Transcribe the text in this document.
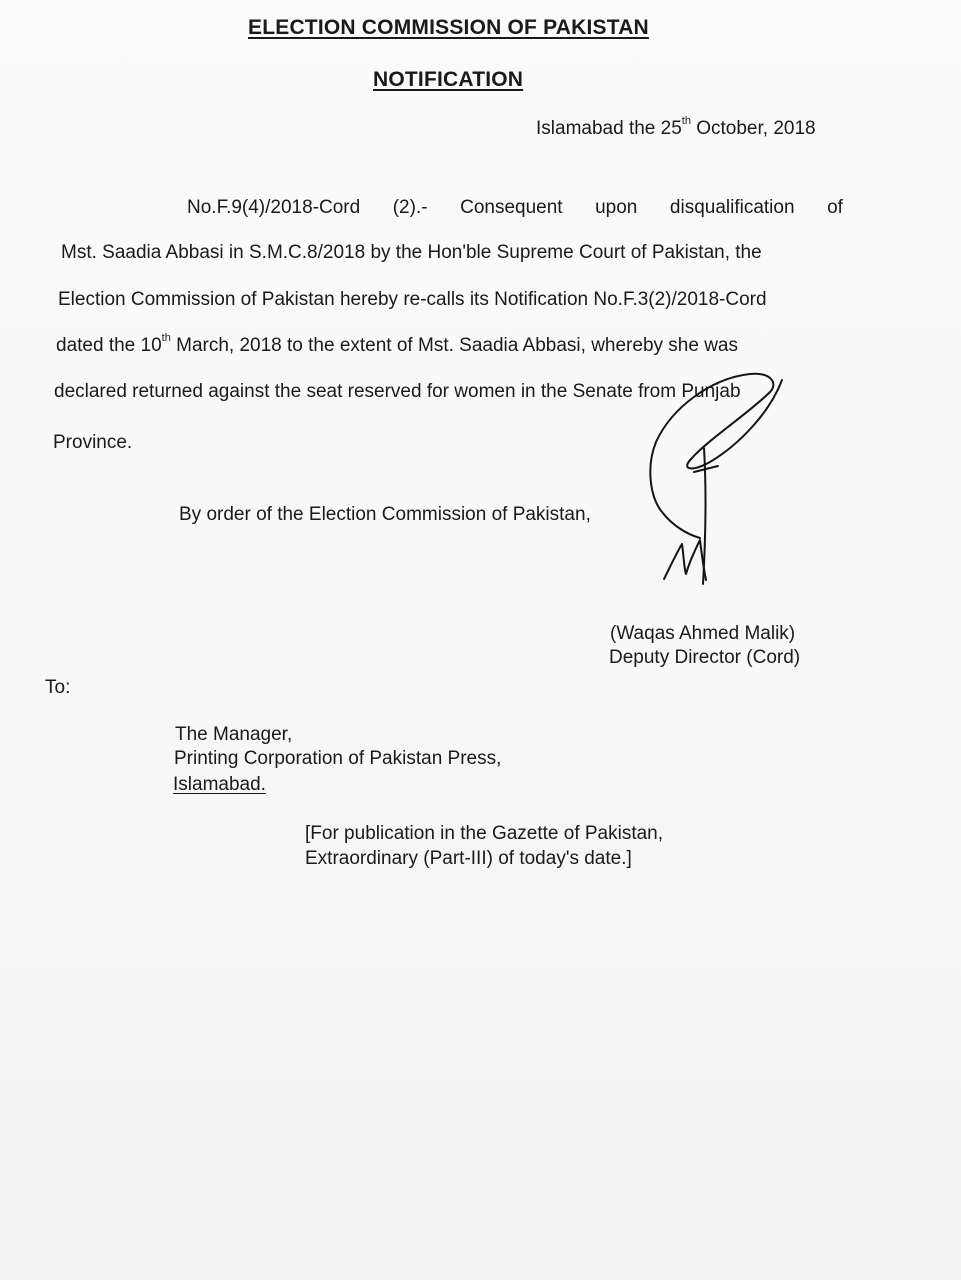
ELECTION COMMISSION OF PAKISTAN
NOTIFICATION
Islamabad the 25th October, 2018
No.F.9(4)/2018-Cord (2).- Consequent upon disqualification of
Mst. Saadia Abbasi in S.M.C.8/2018 by the Hon'ble Supreme Court of Pakistan, the
Election Commission of Pakistan hereby re-calls its Notification No.F.3(2)/2018-Cord
dated the 10th March, 2018 to the extent of Mst. Saadia Abbasi, whereby she was
declared returned against the seat reserved for women in the Senate from Punjab
Province.
By order of the Election Commission of Pakistan,
(Waqas Ahmed Malik)
Deputy Director (Cord)
To:
The Manager,
Printing Corporation of Pakistan Press,
Islamabad.
[For publication in the Gazette of Pakistan,
Extraordinary (Part-III) of today's date.]
